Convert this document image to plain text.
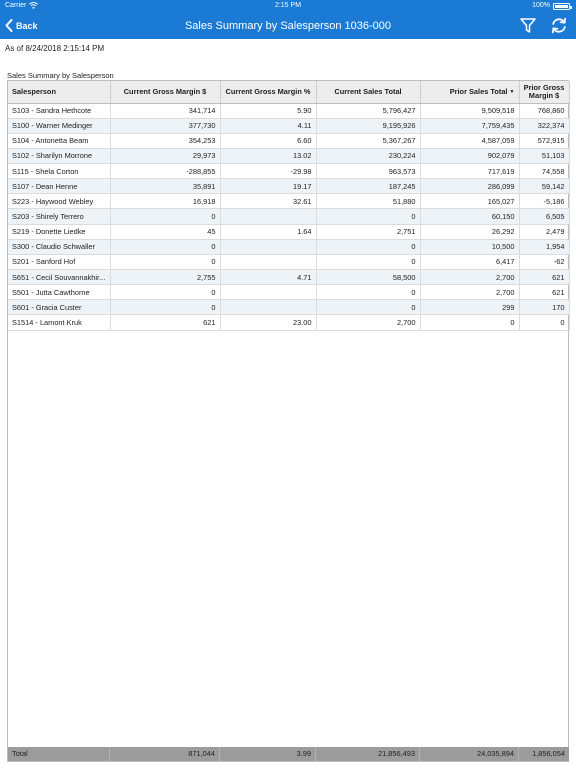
Carrier	2:15 PM	100%
Back	Sales Summary by Salesperson 1036-000
As of 8/24/2018 2:15:14 PM
Sales Summary by Salesperson
Salesperson	Current Gross Margin $	Current Gross Margin %	Current Sales Total	Prior Sales Total ▼	Prior Gross Margin $
S103 - Sandra Hethcote	341,714	5.90	5,796,427	9,509,518	768,860
S100 - Warner Medinger	377,730	4.11	9,195,926	7,759,435	322,374
S104 - Antonetta Beam	354,253	6.60	5,367,267	4,587,059	572,915
S102 - Sharilyn Morrone	29,973	13.02	230,224	902,079	51,103
S115 - Shela Corton	-288,855	-29.98	963,573	717,619	74,558
S107 - Dean Henne	35,891	19.17	187,245	286,099	59,142
S223 - Haywood Webley	16,918	32.61	51,880	165,027	-5,186
S203 - Shirely Terrero	0		0	60,150	6,505
S219 - Donette Liedke	45	1.64	2,751	26,292	2,479
S300 - Claudio Schwaller	0		0	10,500	1,954
S201 - Sanford Hof	0		0	6,417	-62
S651 - Cecil Souvannakhir...	2,755	4.71	58,500	2,700	621
S501 - Jutta Cawthorne	0		0	2,700	621
S601 - Gracia Custer	0		0	299	170
S1514 - Lamont Kruk	621	23.00	2,700	0	0
Total	871,044	3.99	21,856,493	24,035,894	1,856,054
